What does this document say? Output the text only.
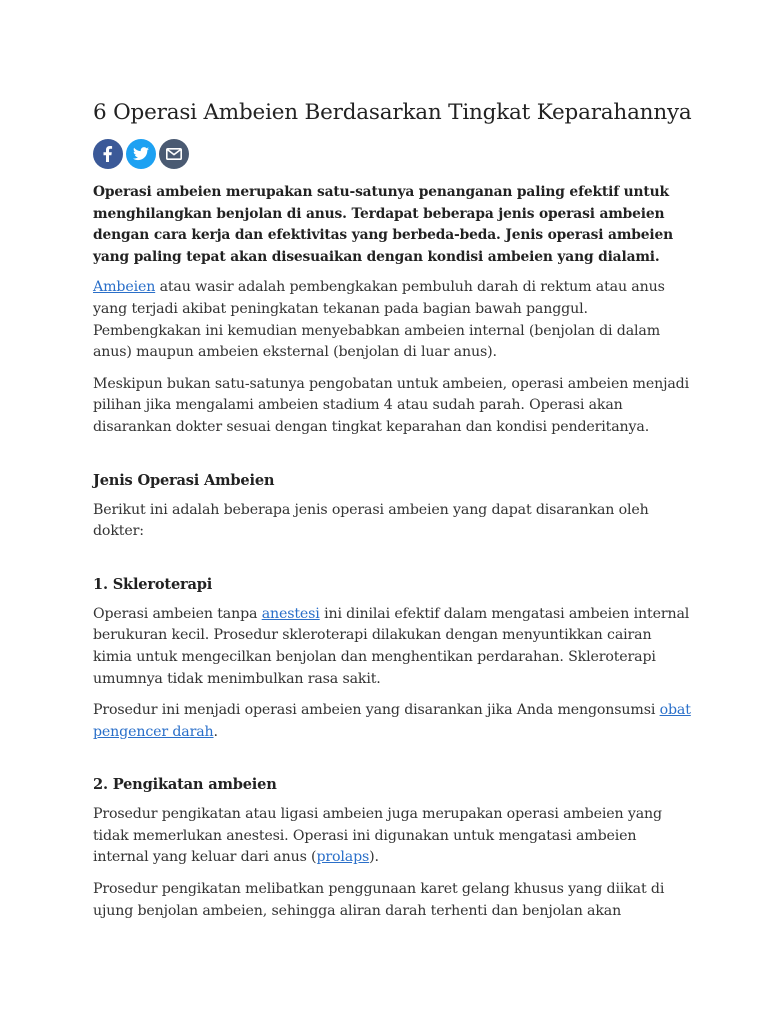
6 Operasi Ambeien Berdasarkan Tingkat Keparahannya

Operasi ambeien merupakan satu-satunya penanganan paling efektif untuk menghilangkan benjolan di anus. Terdapat beberapa jenis operasi ambeien dengan cara kerja dan efektivitas yang berbeda-beda. Jenis operasi ambeien yang paling tepat akan disesuaikan dengan kondisi ambeien yang dialami.

Ambeien atau wasir adalah pembengkakan pembuluh darah di rektum atau anus yang terjadi akibat peningkatan tekanan pada bagian bawah panggul. Pembengkakan ini kemudian menyebabkan ambeien internal (benjolan di dalam anus) maupun ambeien eksternal (benjolan di luar anus).

Meskipun bukan satu-satunya pengobatan untuk ambeien, operasi ambeien menjadi pilihan jika mengalami ambeien stadium 4 atau sudah parah. Operasi akan disarankan dokter sesuai dengan tingkat keparahan dan kondisi penderitanya.

Jenis Operasi Ambeien

Berikut ini adalah beberapa jenis operasi ambeien yang dapat disarankan oleh dokter:

1. Skleroterapi

Operasi ambeien tanpa anestesi ini dinilai efektif dalam mengatasi ambeien internal berukuran kecil. Prosedur skleroterapi dilakukan dengan menyuntikkan cairan kimia untuk mengecilkan benjolan dan menghentikan perdarahan. Skleroterapi umumnya tidak menimbulkan rasa sakit.

Prosedur ini menjadi operasi ambeien yang disarankan jika Anda mengonsumsi obat pengencer darah.

2. Pengikatan ambeien

Prosedur pengikatan atau ligasi ambeien juga merupakan operasi ambeien yang tidak memerlukan anestesi. Operasi ini digunakan untuk mengatasi ambeien internal yang keluar dari anus (prolaps).

Prosedur pengikatan melibatkan penggunaan karet gelang khusus yang diikat di ujung benjolan ambeien, sehingga aliran darah terhenti dan benjolan akan
